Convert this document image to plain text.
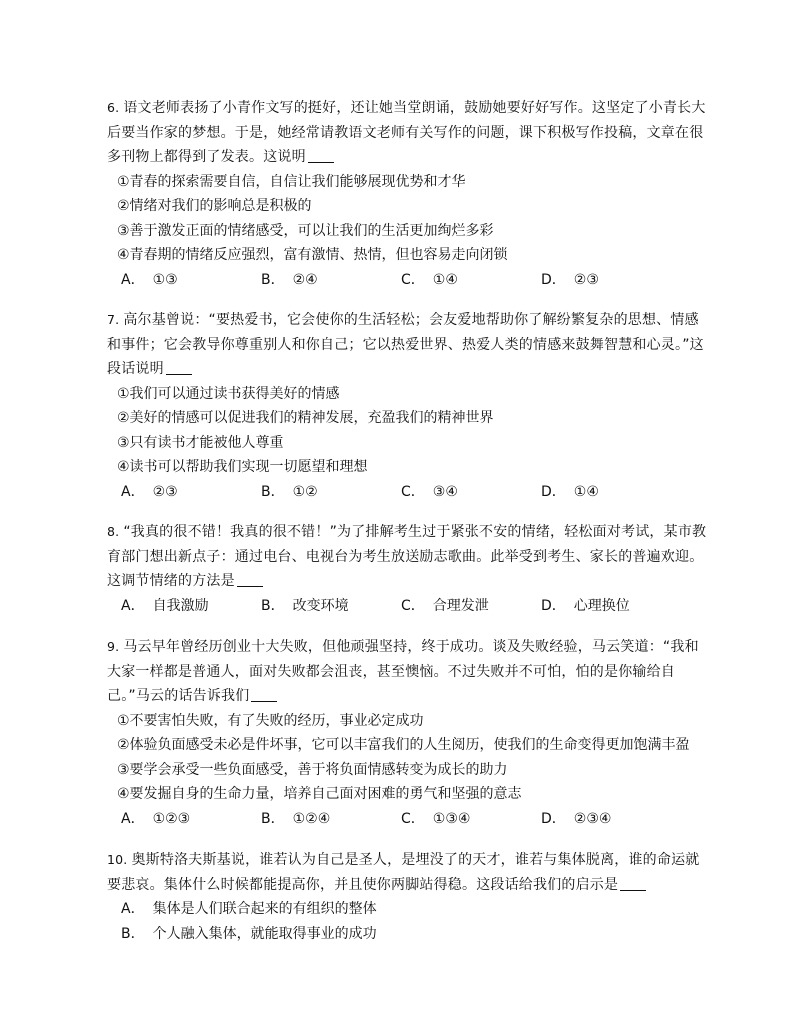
6. 语文老师表扬了小青作文写的挺好，还让她当堂朗诵，鼓励她要好好写作。这坚定了小青长大后要当作家的梦想。于是，她经常请教语文老师有关写作的问题，课下积极写作投稿，文章在很多刊物上都得到了发表。这说明

①青春的探索需要自信，自信让我们能够展现优势和才华

②情绪对我们的影响总是积极的

③善于激发正面的情绪感受，可以让我们的生活更加绚烂多彩

④青春期的情绪反应强烈，富有激情、热情，但也容易走向闭锁

A． ①③	B． ②④	C． ①④	D． ②③

7. 高尔基曾说：“要热爱书，它会使你的生活轻松；会友爱地帮助你了解纷繁复杂的思想、情感和事件；它会教导你尊重别人和你自己；它以热爱世界、热爱人类的情感来鼓舞智慧和心灵。”这段话说明

①我们可以通过读书获得美好的情感

②美好的情感可以促进我们的精神发展，充盈我们的精神世界

③只有读书才能被他人尊重

④读书可以帮助我们实现一切愿望和理想

A． ②③	B． ①②	C． ③④	D． ①④

8. “我真的很不错！我真的很不错！”为了排解考生过于紧张不安的情绪，轻松面对考试，某市教育部门想出新点子：通过电台、电视台为考生放送励志歌曲。此举受到考生、家长的普遍欢迎。这调节情绪的方法是

A． 自我激励	B． 改变环境	C． 合理发泄	D． 心理换位

9. 马云早年曾经历创业十大失败，但他顽强坚持，终于成功。谈及失败经验，马云笑道：“我和大家一样都是普通人，面对失败都会沮丧，甚至懊恼。不过失败并不可怕，怕的是你输给自己。”马云的话告诉我们

①不要害怕失败，有了失败的经历，事业必定成功

②体验负面感受未必是件坏事，它可以丰富我们的人生阅历，使我们的生命变得更加饱满丰盈

③要学会承受一些负面感受，善于将负面情感转变为成长的助力

④要发掘自身的生命力量，培养自己面对困难的勇气和坚强的意志

A． ①②③	B． ①②④	C． ①③④	D． ②③④

10. 奥斯特洛夫斯基说，谁若认为自己是圣人，是埋没了的天才，谁若与集体脱离，谁的命运就要悲哀。集体什么时候都能提高你，并且使你两脚站得稳。这段话给我们的启示是

A． 集体是人们联合起来的有组织的整体
B． 个人融入集体，就能取得事业的成功
